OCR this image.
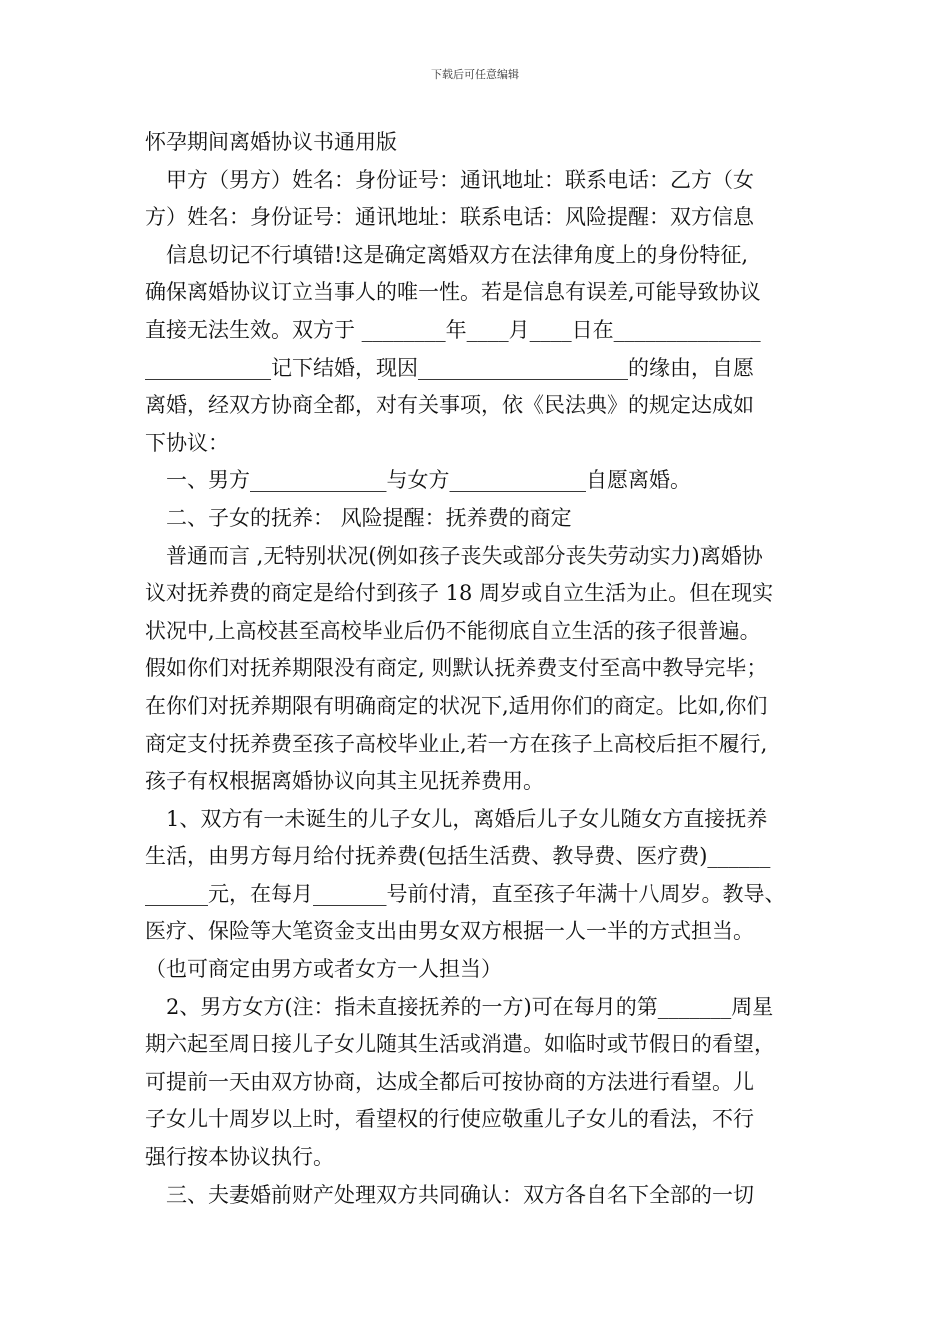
下载后可任意编辑
怀孕期间离婚协议书通用版
甲方（男方）姓名：身份证号：通讯地址：联系电话：乙方（女
方）姓名：身份证号：通讯地址：联系电话：风险提醒：双方信息
信息切记不行填错!这是确定离婚双方在法律角度上的身份特征,
确保离婚协议订立当事人的唯一性。若是信息有误差,可能导致协议
直接无法生效。双方于 ________年____月____日在______________
____________记下结婚，现因____________________的缘由，自愿
离婚，经双方协商全都，对有关事项，依《民法典》的规定达成如
下协议：
一、男方_____________与女方_____________自愿离婚。
二、子女的抚养： 风险提醒：抚养费的商定
普通而言 ,无特别状况(例如孩子丧失或部分丧失劳动实力)离婚协
议对抚养费的商定是给付到孩子 18 周岁或自立生活为止。但在现实
状况中,上高校甚至高校毕业后仍不能彻底自立生活的孩子很普遍。
假如你们对抚养期限没有商定, 则默认抚养费支付至高中教导完毕；
在你们对抚养期限有明确商定的状况下,适用你们的商定。比如,你们
商定支付抚养费至孩子高校毕业止,若一方在孩子上高校后拒不履行,
孩子有权根据离婚协议向其主见抚养费用。
1、双方有一未诞生的儿子女儿，离婚后儿子女儿随女方直接抚养
生活，由男方每月给付抚养费(包括生活费、教导费、医疗费)______
______元，在每月_______号前付清，直至孩子年满十八周岁。教导、
医疗、保险等大笔资金支出由男女双方根据一人一半的方式担当。
（也可商定由男方或者女方一人担当）
2、男方女方(注：指未直接抚养的一方)可在每月的第_______周星
期六起至周日接儿子女儿随其生活或消遣。如临时或节假日的看望，
可提前一天由双方协商，达成全都后可按协商的方法进行看望。儿
子女儿十周岁以上时，看望权的行使应敬重儿子女儿的看法，不行
强行按本协议执行。
三、夫妻婚前财产处理双方共同确认：双方各自名下全部的一切
